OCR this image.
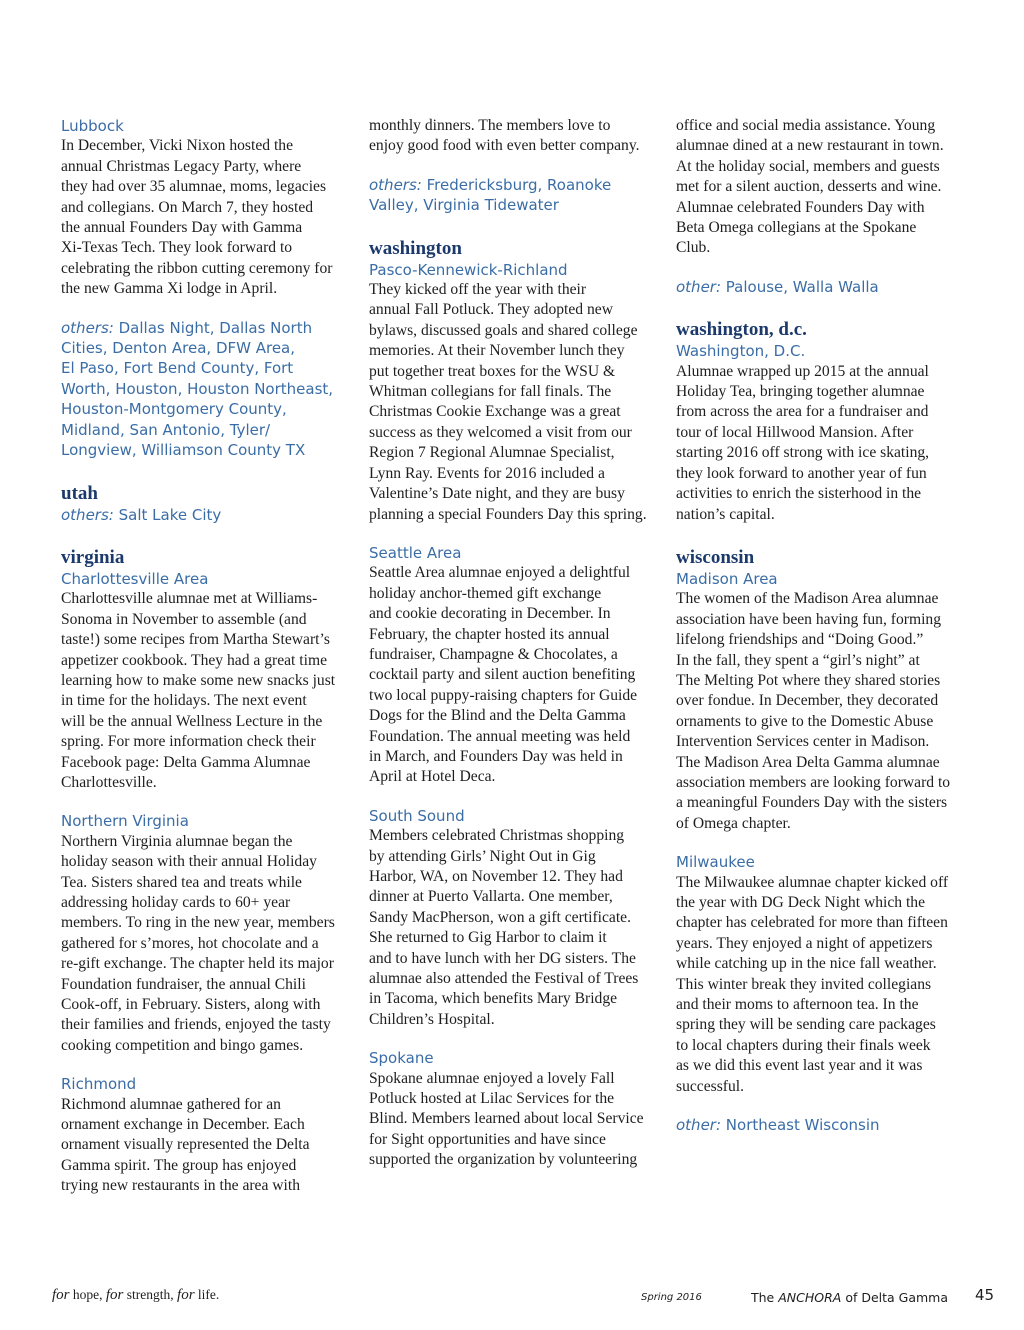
Lubbock

In December, Vicki Nixon hosted the
annual Christmas Legacy Party, where
they had over 35 alumnae, moms, legacies
and collegians. On March 7, they hosted
the annual Founders Day with Gamma
Xi-Texas Tech. They look forward to
celebrating the ribbon cutting ceremony for
the new Gamma Xi lodge in April.

others: Dallas Night, Dallas North
Cities, Denton Area, DFW Area,
El Paso, Fort Bend County, Fort
Worth, Houston, Houston Northeast,
Houston-Montgomery County,
Midland, San Antonio, Tyler/
Longview, Williamson County TX

utah

others: Salt Lake City

virginia
Charlottesville Area

Charlottesville alumnae met at Williams-
Sonoma in November to assemble (and
taste!) some recipes from Martha Stewart’s
appetizer cookbook. They had a great time
learning how to make some new snacks just
in time for the holidays. The next event
will be the annual Wellness Lecture in the
spring. For more information check their
Facebook page: Delta Gamma Alumnae
Charlottesville.

Northern Virginia

Northern Virginia alumnae began the
holiday season with their annual Holiday
Tea. Sisters shared tea and treats while
addressing holiday cards to 60+ year
members. To ring in the new year, members
gathered for s’mores, hot chocolate and a
re-gift exchange. The chapter held its major
Foundation fundraiser, the annual Chili
Cook-off, in February. Sisters, along with
their families and friends, enjoyed the tasty
cooking competition and bingo games.

Richmond

Richmond alumnae gathered for an
ornament exchange in December. Each
ornament visually represented the Delta
Gamma spirit. The group has enjoyed
trying new restaurants in the area with

monthly dinners. The members love to
enjoy good food with even better company.

others: Fredericksburg, Roanoke
Valley, Virginia Tidewater

washington
Pasco-Kennewick-Richland

They kicked off the year with their
annual Fall Potluck. They adopted new
bylaws, discussed goals and shared college
memories. At their November lunch they
put together treat boxes for the WSU &
Whitman collegians for fall finals. The
Christmas Cookie Exchange was a great
success as they welcomed a visit from our
Region 7 Regional Alumnae Specialist,
Lynn Ray. Events for 2016 included a
Valentine’s Date night, and they are busy
planning a special Founders Day this spring.

Seattle Area

Seattle Area alumnae enjoyed a delightful
holiday anchor-themed gift exchange
and cookie decorating in December. In
February, the chapter hosted its annual
fundraiser, Champagne & Chocolates, a
cocktail party and silent auction benefiting
two local puppy-raising chapters for Guide
Dogs for the Blind and the Delta Gamma
Foundation. The annual meeting was held
in March, and Founders Day was held in
April at Hotel Deca.

South Sound

Members celebrated Christmas shopping
by attending Girls’ Night Out in Gig
Harbor, WA, on November 12. They had
dinner at Puerto Vallarta. One member,
Sandy MacPherson, won a gift certificate.
She returned to Gig Harbor to claim it
and to have lunch with her DG sisters. The
alumnae also attended the Festival of Trees
in Tacoma, which benefits Mary Bridge
Children’s Hospital.

Spokane

Spokane alumnae enjoyed a lovely Fall
Potluck hosted at Lilac Services for the
Blind. Members learned about local Service
for Sight opportunities and have since
supported the organization by volunteering

office and social media assistance. Young
alumnae dined at a new restaurant in town.
At the holiday social, members and guests
met for a silent auction, desserts and wine.
Alumnae celebrated Founders Day with
Beta Omega collegians at the Spokane
Club.

other: Palouse, Walla Walla

washington, d.c.
Washington, D.C.

Alumnae wrapped up 2015 at the annual
Holiday Tea, bringing together alumnae
from across the area for a fundraiser and
tour of local Hillwood Mansion. After
starting 2016 off strong with ice skating,
they look forward to another year of fun
activities to enrich the sisterhood in the
nation’s capital.

wisconsin
Madison Area

The women of the Madison Area alumnae
association have been having fun, forming
lifelong friendships and “Doing Good.”
In the fall, they spent a “girl’s night” at
The Melting Pot where they shared stories
over fondue. In December, they decorated
ornaments to give to the Domestic Abuse
Intervention Services center in Madison.
The Madison Area Delta Gamma alumnae
association members are looking forward to
a meaningful Founders Day with the sisters
of Omega chapter.

Milwaukee

The Milwaukee alumnae chapter kicked off
the year with DG Deck Night which the
chapter has celebrated for more than fifteen
years. They enjoyed a night of appetizers
while catching up in the nice fall weather.
This winter break they invited collegians
and their moms to afternoon tea. In the
spring they will be sending care packages
to local chapters during their finals week
as we did this event last year and it was
successful.

other: Northeast Wisconsin

for hope, for strength, for life.	Spring 2016	The ANCHORA of Delta Gamma 45
